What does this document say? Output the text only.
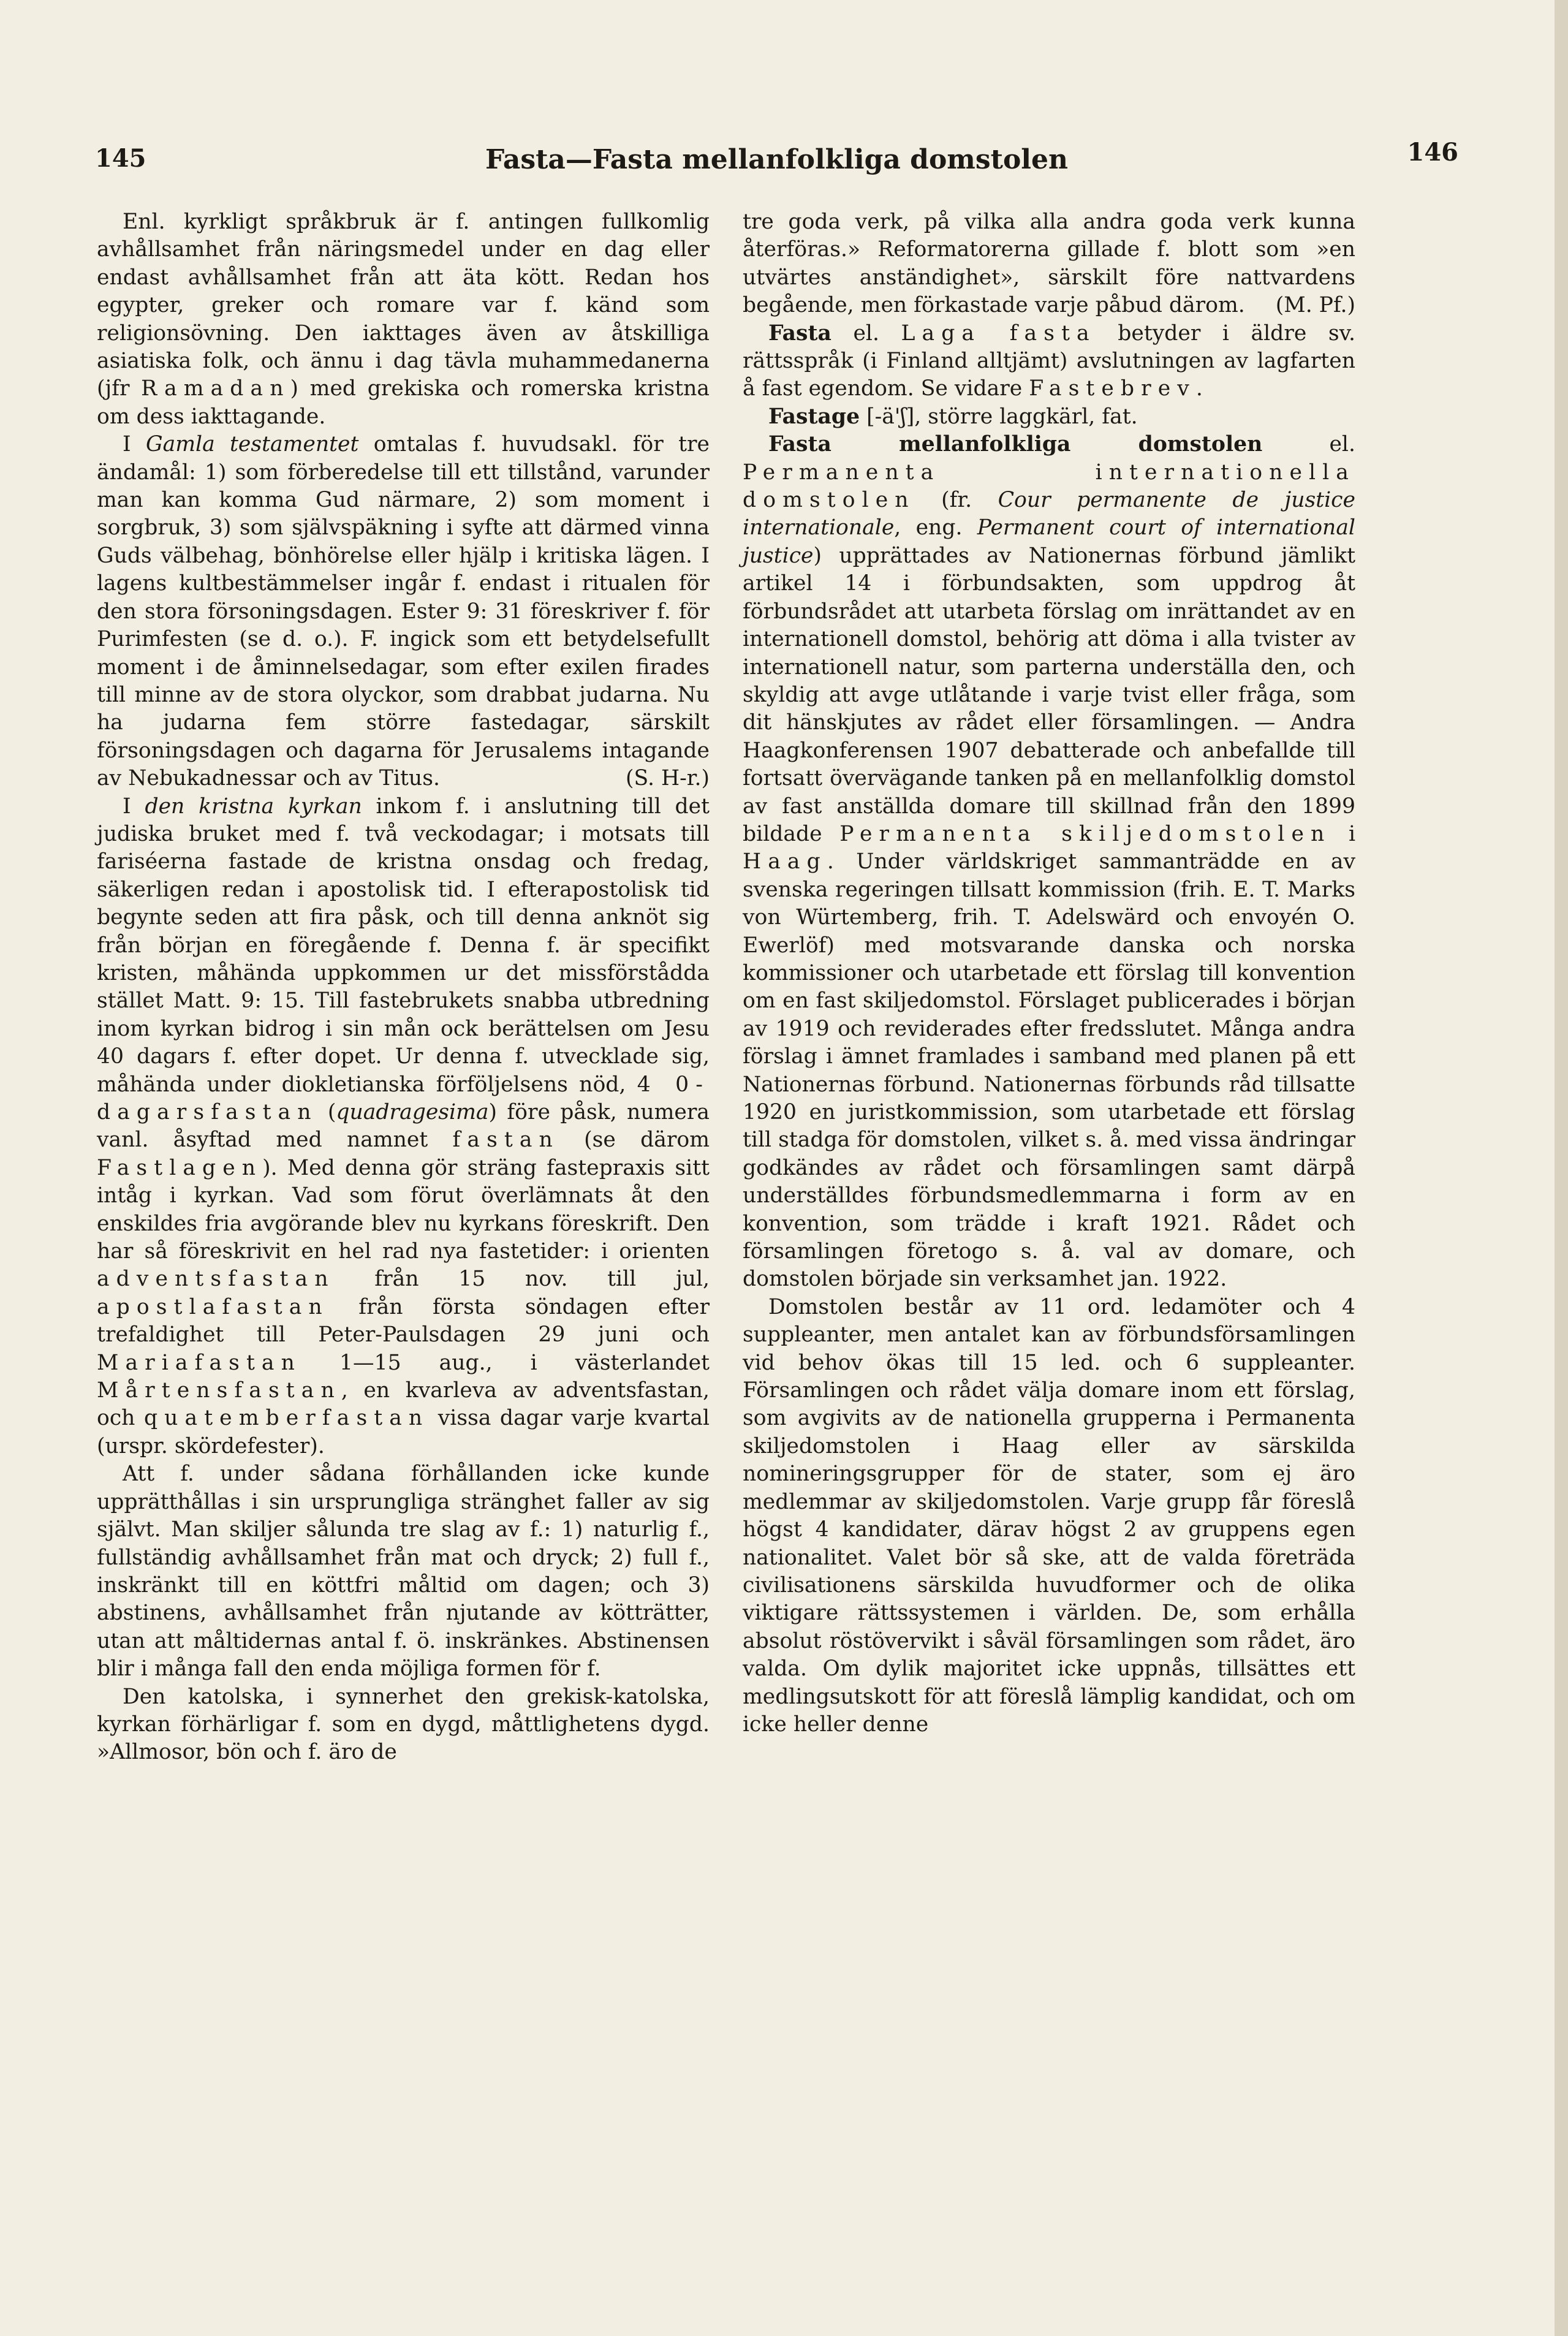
145	Fasta—Fasta mellanfolkliga domstolen	146

Enl. kyrkligt språkbruk är f. antingen fullkomlig avhållsamhet från näringsmedel under en dag eller endast avhållsamhet från att äta kött. Redan hos egypter, greker och romare var f. känd som religionsövning. Den iakttages även av åtskilliga asiatiska folk, och ännu i dag tävla muhammedanerna (jfr Ramadan) med grekiska och romerska kristna om dess iakttagande.

I Gamla testamentet omtalas f. huvudsakl. för tre ändamål: 1) som förberedelse till ett tillstånd, varunder man kan komma Gud närmare, 2) som moment i sorgbruk, 3) som självspäkning i syfte att därmed vinna Guds välbehag, bönhörelse eller hjälp i kritiska lägen. I lagens kultbestämmelser ingår f. endast i ritualen för den stora försoningsdagen. Ester 9: 31 föreskriver f. för Purimfesten (se d. o.). F. ingick som ett betydelsefullt moment i de åminnelsedagar, som efter exilen firades till minne av de stora olyckor, som drabbat judarna. Nu ha judarna fem större fastedagar, särskilt försoningsdagen och dagarna för Jerusalems intagande av Nebukadnessar och av Titus.	(S. H-r.)

I den kristna kyrkan inkom f. i anslutning till det judiska bruket med f. två veckodagar; i motsats till fariséerna fastade de kristna onsdag och fredag, säkerligen redan i apostolisk tid. I efterapostolisk tid begynte seden att fira påsk, och till denna anknöt sig från början en föregående f. Denna f. är specifikt kristen, måhända uppkommen ur det missförstådda stället Matt. 9: 15. Till fastebrukets snabba utbredning inom kyrkan bidrog i sin mån ock berättelsen om Jesu 40 dagars f. efter dopet. Ur denna f. utvecklade sig, måhända under diokletianska förföljelsens nöd, 4 0-dagarsfastan (quadragesima) före påsk, numera vanl. åsyftad med namnet fastan (se därom Fastlagen). Med denna gör sträng fastepraxis sitt intåg i kyrkan. Vad som förut överlämnats åt den enskildes fria avgörande blev nu kyrkans föreskrift. Den har så föreskrivit en hel rad nya fastetider: i orienten adventsfastan från 15 nov. till jul, apostlafastan från första söndagen efter trefaldighet till Peter-Paulsdagen 29 juni och Mariafastan 1—15 aug., i västerlandet Mårtensfastan, en kvarleva av adventsfastan, och quatemberfastan vissa dagar varje kvartal (urspr. skördefester).

Att f. under sådana förhållanden icke kunde upprätthållas i sin ursprungliga stränghet faller av sig självt. Man skiljer sålunda tre slag av f.: 1) naturlig f., fullständig avhållsamhet från mat och dryck; 2) full f., inskränkt till en köttfri måltid om dagen; och 3) abstinens, avhållsamhet från njutande av kötträtter, utan att måltidernas antal f. ö. inskränkes. Abstinensen blir i många fall den enda möjliga formen för f.

Den katolska, i synnerhet den grekisk-katolska, kyrkan förhärligar f. som en dygd, måttlighetens dygd. »Allmosor, bön och f. äro de

tre goda verk, på vilka alla andra goda verk kunna återföras.» Reformatorerna gillade f. blott som »en utvärtes anständighet», särskilt före nattvardens begående, men förkastade varje påbud därom. (M. Pf.)

Fasta el. Laga fasta betyder i äldre sv. rättsspråk (i Finland alltjämt) avslutningen av lagfarten å fast egendom. Se vidare Fastebrev.

Fastage [-ä'ʃ], större laggkärl, fat.

Fasta mellanfolkliga domstolen el. Permanenta internationella domstolen (fr. Cour permanente de justice internationale, eng. Permanent court of international justice) upprättades av Nationernas förbund jämlikt artikel 14 i förbundsakten, som uppdrog åt förbundsrådet att utarbeta förslag om inrättandet av en internationell domstol, behörig att döma i alla tvister av internationell natur, som parterna underställa den, och skyldig att avge utlåtande i varje tvist eller fråga, som dit hänskjutes av rådet eller församlingen. — Andra Haagkonferensen 1907 debatterade och anbefallde till fortsatt övervägande tanken på en mellanfolklig domstol av fast anställda domare till skillnad från den 1899 bildade Permanenta skiljedomstolen i Haag. Under världskriget sammanträdde en av svenska regeringen tillsatt kommission (frih. E. T. Marks von Würtemberg, frih. T. Adelswärd och envoyén O. Ewerlöf) med motsvarande danska och norska kommissioner och utarbetade ett förslag till konvention om en fast skiljedomstol. Förslaget publicerades i början av 1919 och reviderades efter fredsslutet. Många andra förslag i ämnet framlades i samband med planen på ett Nationernas förbund. Nationernas förbunds råd tillsatte 1920 en juristkommission, som utarbetade ett förslag till stadga för domstolen, vilket s. å. med vissa ändringar godkändes av rådet och församlingen samt därpå underställdes förbundsmedlemmarna i form av en konvention, som trädde i kraft 1921. Rådet och församlingen företogo s. å. val av domare, och domstolen började sin verksamhet jan. 1922.

Domstolen består av 11 ord. ledamöter och 4 suppleanter, men antalet kan av förbundsförsamlingen vid behov ökas till 15 led. och 6 suppleanter. Församlingen och rådet välja domare inom ett förslag, som avgivits av de nationella grupperna i Permanenta skiljedomstolen i Haag eller av särskilda nomineringsgrupper för de stater, som ej äro medlemmar av skiljedomstolen. Varje grupp får föreslå högst 4 kandidater, därav högst 2 av gruppens egen nationalitet. Valet bör så ske, att de valda företräda civilisationens särskilda huvudformer och de olika viktigare rättssystemen i världen. De, som erhålla absolut röstövervikt i såväl församlingen som rådet, äro valda. Om dylik majoritet icke uppnås, tillsättes ett medlingsutskott för att föreslå lämplig kandidat, och om icke heller denne
